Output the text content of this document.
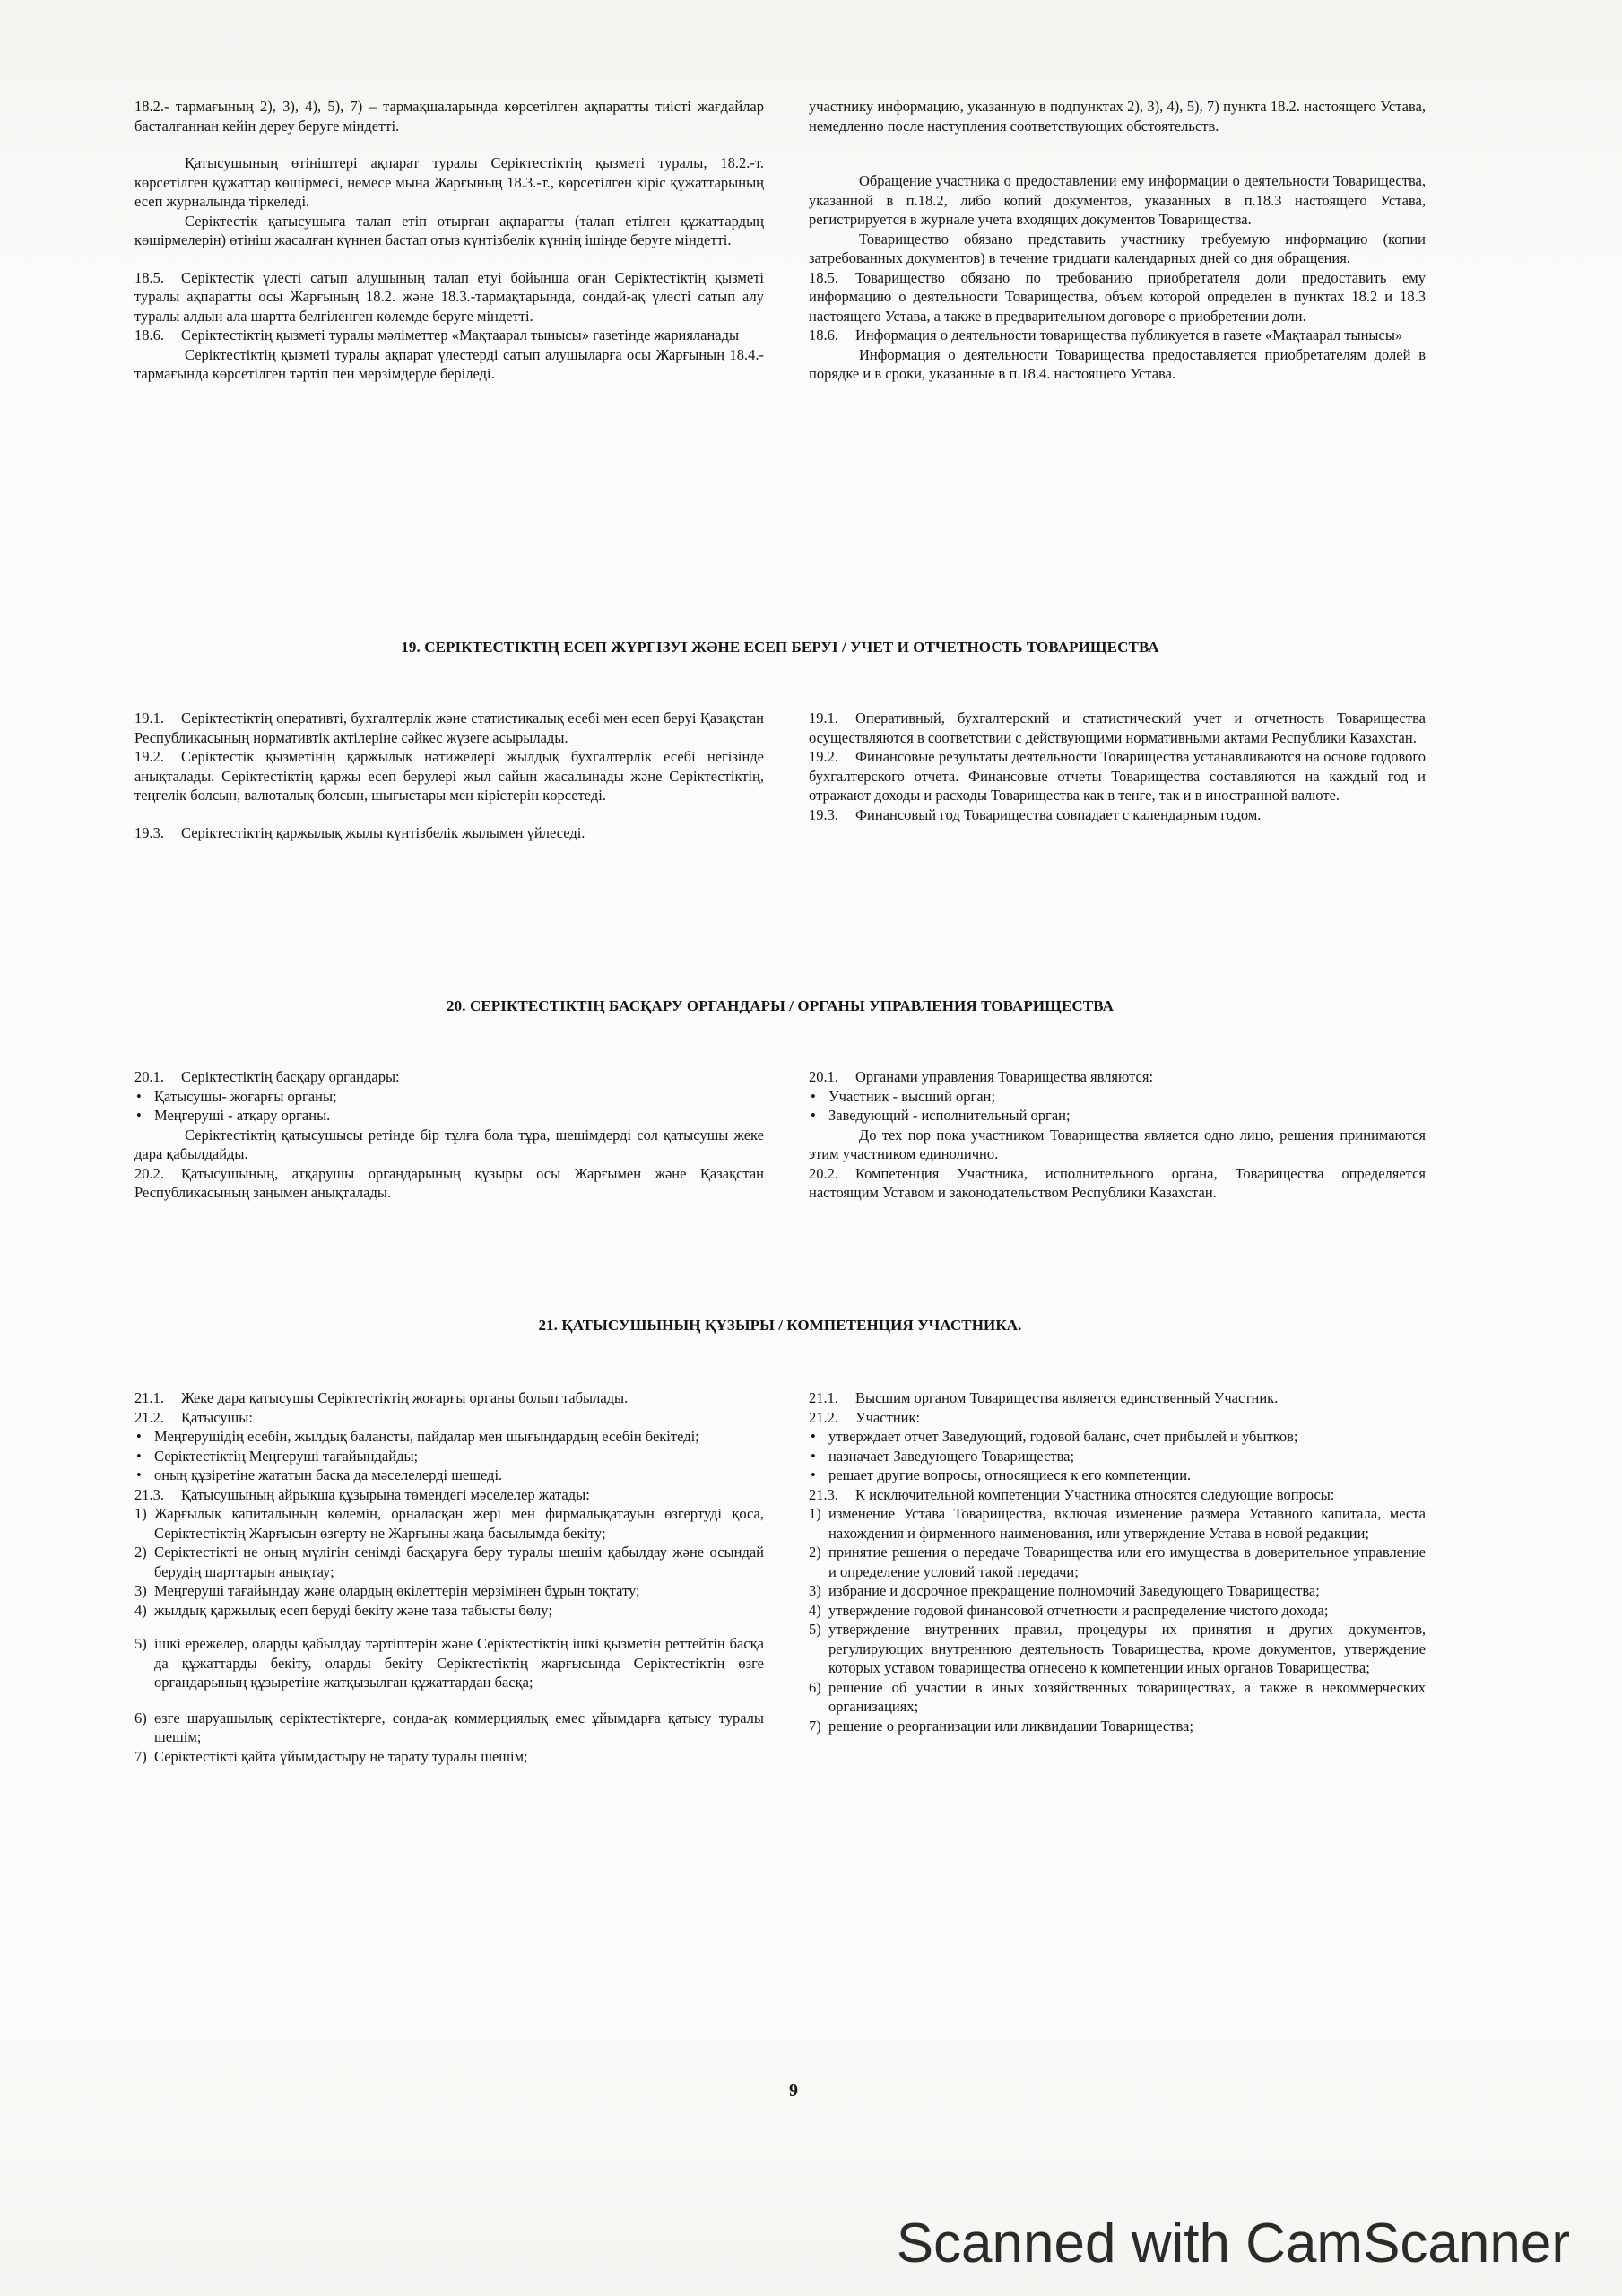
18.2.- тармағының 2), 3), 4), 5), 7) – тармақшаларында көрсетілген ақпаратты тиісті жағдайлар басталғаннан кейін дереу беруге міндетті.

Қатысушының өтініштері ақпарат туралы Серіктестіктің қызметі туралы, 18.2.-т. көрсетілген құжаттар көшірмесі, немесе мына Жарғының 18.3.-т., көрсетілген кіріс құжаттарының есеп журналында тіркеледі.

Серіктестік қатысушыға талап етіп отырған ақпаратты (талап етілген құжаттардың көшірмелерін) өтініш жасалған күннен бастап отыз күнтізбелік күннің ішінде беруге міндетті.

18.5. Серіктестік үлесті сатып алушының талап етуі бойынша оған Серіктестіктің қызметі туралы ақпаратты осы Жарғының 18.2. және 18.3.-тармақтарында, сондай-ақ үлесті сатып алу туралы алдын ала шартта белгіленген көлемде беруге міндетті.

18.6. Серіктестіктің қызметі туралы мәліметтер «Мақтаарал тынысы» газетінде жарияланады

Серіктестіктің қызметі туралы ақпарат үлестерді сатып алушыларға осы Жарғының 18.4.-тармағында көрсетілген тәртіп пен мерзімдерде беріледі.

участнику информацию, указанную в подпунктах 2), 3), 4), 5), 7) пункта 18.2. настоящего Устава, немедленно после наступления соответствующих обстоятельств.

Обращение участника о предоставлении ему информации о деятельности Товарищества, указанной в п.18.2, либо копий документов, указанных в п.18.3 настоящего Устава, регистрируется в журнале учета входящих документов Товарищества.

Товарищество обязано представить участнику требуемую информацию (копии затребованных документов) в течение тридцати календарных дней со дня обращения.

18.5. Товарищество обязано по требованию приобретателя доли предоставить ему информацию о деятельности Товарищества, объем которой определен в пунктах 18.2 и 18.3 настоящего Устава, а также в предварительном договоре о приобретении доли.

18.6. Информация о деятельности товарищества публикуется в газете «Мақтаарал тынысы»

Информация о деятельности Товарищества предоставляется приобретателям долей в порядке и в сроки, указанные в п.18.4. настоящего Устава.

19. СЕРІКТЕСТІКТІҢ ЕСЕП ЖҮРГІЗУІ ЖӘНЕ ЕСЕП БЕРУІ / УЧЕТ И ОТЧЕТНОСТЬ ТОВАРИЩЕСТВА

19.1. Серіктестіктің оперативті, бухгалтерлік және статистикалық есебі мен есеп беруі Қазақстан Республикасының нормативтік актілеріне сәйкес жүзеге асырылады.

19.2. Серіктестік қызметінің қаржылық нәтижелері жылдық бухгалтерлік есебі негізінде анықталады. Серіктестіктің қаржы есеп берулері жыл сайын жасалынады және Серіктестіктің, теңгелік болсын, валюталық болсын, шығыстары мен кірістерін көрсетеді.

19.3. Серіктестіктің қаржылық жылы күнтізбелік жылымен үйлеседі.

19.1. Оперативный, бухгалтерский и статистический учет и отчетность Товарищества осуществляются в соответствии с действующими нормативными актами Республики Казахстан.

19.2. Финансовые результаты деятельности Товарищества устанавливаются на основе годового бухгалтерского отчета. Финансовые отчеты Товарищества составляются на каждый год и отражают доходы и расходы Товарищества как в тенге, так и в иностранной валюте.

19.3. Финансовый год Товарищества совпадает с календарным годом.

20. СЕРІКТЕСТІКТІҢ БАСҚАРУ ОРГАНДАРЫ / ОРГАНЫ УПРАВЛЕНИЯ ТОВАРИЩЕСТВА

20.1. Серіктестіктің басқару органдары:

• Қатысушы- жоғарғы органы;
• Меңгеруші - атқару органы.

Серіктестіктің қатысушысы ретінде бір тұлға бола тұра, шешімдерді сол қатысушы жеке дара қабылдайды.

20.2. Қатысушының, атқарушы органдарының құзыры осы Жарғымен және Қазақстан Республикасының заңымен анықталады.

20.1. Органами управления Товарищества являются:

• Участник - высший орган;
• Заведующий - исполнительный орган;

До тех пор пока участником Товарищества является одно лицо, решения принимаются этим участником единолично.

20.2. Компетенция Участника, исполнительного органа, Товарищества определяется настоящим Уставом и законодательством Республики Казахстан.

21. ҚАТЫСУШЫНЫҢ ҚҰЗЫРЫ / КОМПЕТЕНЦИЯ УЧАСТНИКА.

21.1. Жеке дара қатысушы Серіктестіктің жоғарғы органы болып табылады.

21.2. Қатысушы:

• Меңгерушідің есебін, жылдық балансты, пайдалар мен шығындардың есебін бекітеді;
• Серіктестіктің Меңгеруші тағайындайды;
• оның құзіретіне жататын басқа да мәселелерді шешеді.

21.3. Қатысушының айрықша құзырына төмендегі мәселелер жатады:

1) Жарғылық капиталының көлемін, орналасқан жері мен фирмалықатауын өзгертуді қоса, Серіктестіктің Жарғысын өзгерту не Жарғыны жаңа басылымда бекіту;
2) Серіктестікті не оның мүлігін сенімді басқаруға беру туралы шешім қабылдау және осындай берудің шарттарын анықтау;
3) Меңгеруші тағайындау және олардың өкілеттерін мерзімінен бұрын тоқтату;
4) жылдық қаржылық есеп беруді бекіту және таза табысты бөлу;
5) ішкі ережелер, оларды қабылдау тәртіптерін және Серіктестіктің ішкі қызметін реттейтін басқа да құжаттарды бекіту, оларды бекіту Серіктестіктің жарғысында Серіктестіктің өзге органдарының құзыретіне жатқызылған құжаттардан басқа;
6) өзге шаруашылық серіктестіктерге, сонда-ақ коммерциялық емес ұйымдарға қатысу туралы шешім;
7) Серіктестікті қайта ұйымдастыру не тарату туралы шешім;

21.1. Высшим органом Товарищества является единственный Участник.

21.2. Участник:

• утверждает отчет Заведующий, годовой баланс, счет прибылей и убытков;
• назначает Заведующего Товарищества;
• решает другие вопросы, относящиеся к его компетенции.

21.3. К исключительной компетенции Участника относятся следующие вопросы:

1) изменение Устава Товарищества, включая изменение размера Уставного капитала, места нахождения и фирменного наименования, или утверждение Устава в новой редакции;
2) принятие решения о передаче Товарищества или его имущества в доверительное управление и определение условий такой передачи;
3) избрание и досрочное прекращение полномочий Заведующего Товарищества;
4) утверждение годовой финансовой отчетности и распределение чистого дохода;
5) утверждение внутренних правил, процедуры их принятия и других документов, регулирующих внутреннюю деятельность Товарищества, кроме документов, утверждение которых уставом товарищества отнесено к компетенции иных органов Товарищества;
6) решение об участии в иных хозяйственных товариществах, а также в некоммерческих организациях;
7) решение о реорганизации или ликвидации Товарищества;
9
Scanned with CamScanner
